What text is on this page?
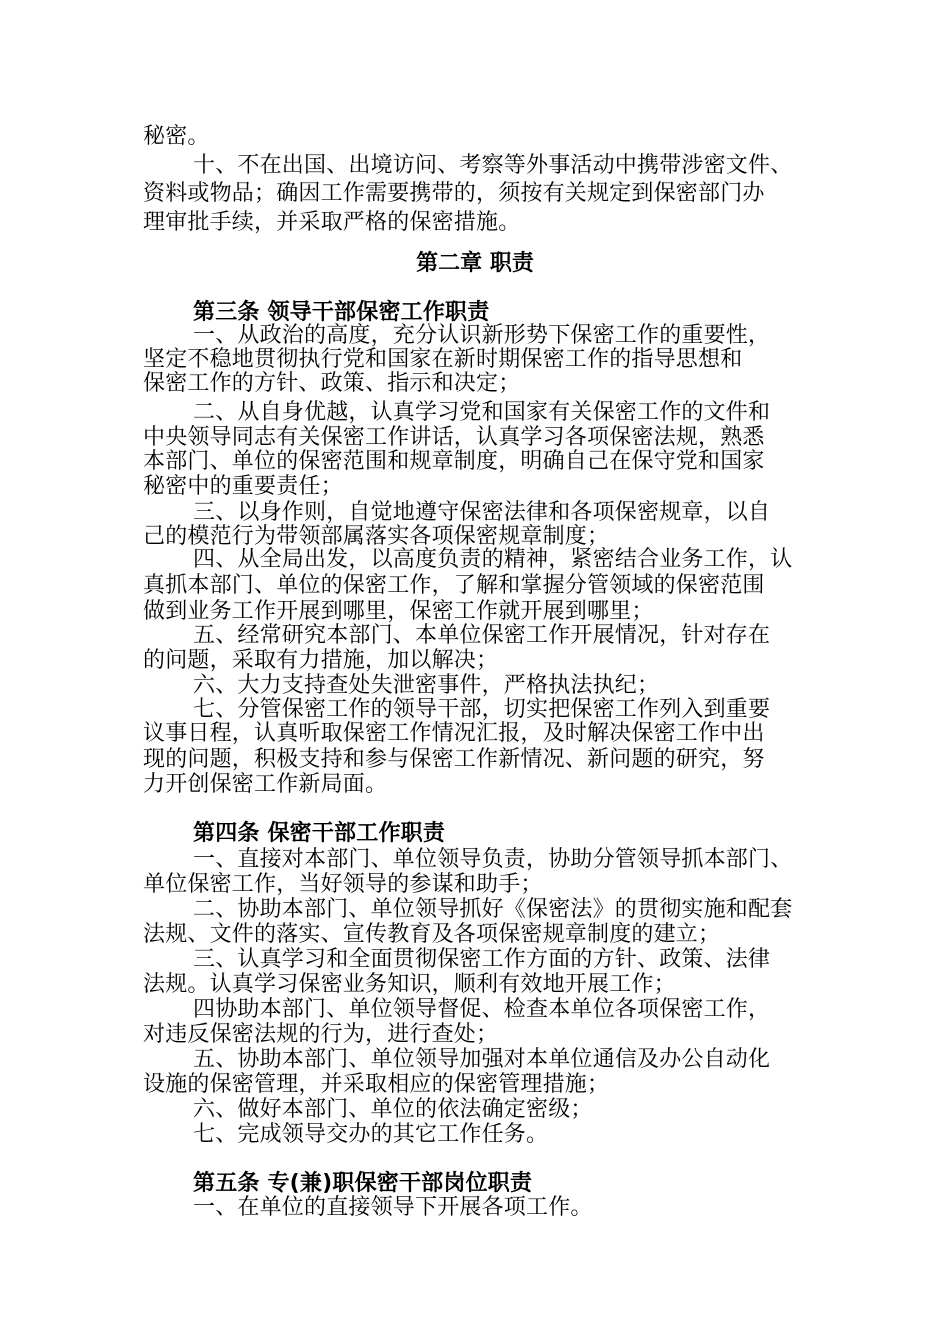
秘密。
十、不在出国、出境访问、考察等外事活动中携带涉密文件、
资料或物品；确因工作需要携带的，须按有关规定到保密部门办
理审批手续，并采取严格的保密措施。
第二章 职责
第三条 领导干部保密工作职责
一、从政治的高度，充分认识新形势下保密工作的重要性，
坚定不稳地贯彻执行党和国家在新时期保密工作的指导思想和
保密工作的方针、政策、指示和决定；
二、从自身优越，认真学习党和国家有关保密工作的文件和
中央领导同志有关保密工作讲话，认真学习各项保密法规，熟悉
本部门、单位的保密范围和规章制度，明确自己在保守党和国家
秘密中的重要责任；
三、以身作则，自觉地遵守保密法律和各项保密规章，以自
己的模范行为带领部属落实各项保密规章制度；
四、从全局出发，以高度负责的精神，紧密结合业务工作，认
真抓本部门、单位的保密工作，了解和掌握分管领域的保密范围
做到业务工作开展到哪里，保密工作就开展到哪里；
五、经常研究本部门、本单位保密工作开展情况，针对存在
的问题，采取有力措施，加以解决；
六、大力支持查处失泄密事件，严格执法执纪；
七、分管保密工作的领导干部，切实把保密工作列入到重要
议事日程，认真听取保密工作情况汇报，及时解决保密工作中出
现的问题，积极支持和参与保密工作新情况、新问题的研究，努
力开创保密工作新局面。
第四条 保密干部工作职责
一、直接对本部门、单位领导负责，协助分管领导抓本部门、
单位保密工作，当好领导的参谋和助手；
二、协助本部门、单位领导抓好《保密法》的贯彻实施和配套
法规、文件的落实、宣传教育及各项保密规章制度的建立；
三、认真学习和全面贯彻保密工作方面的方针、政策、法律
法规。认真学习保密业务知识，顺利有效地开展工作；
四协助本部门、单位领导督促、检查本单位各项保密工作，
对违反保密法规的行为，进行查处；
五、协助本部门、单位领导加强对本单位通信及办公自动化
设施的保密管理，并采取相应的保密管理措施；
六、做好本部门、单位的依法确定密级；
七、完成领导交办的其它工作任务。
第五条 专(兼)职保密干部岗位职责
一、在单位的直接领导下开展各项工作。
